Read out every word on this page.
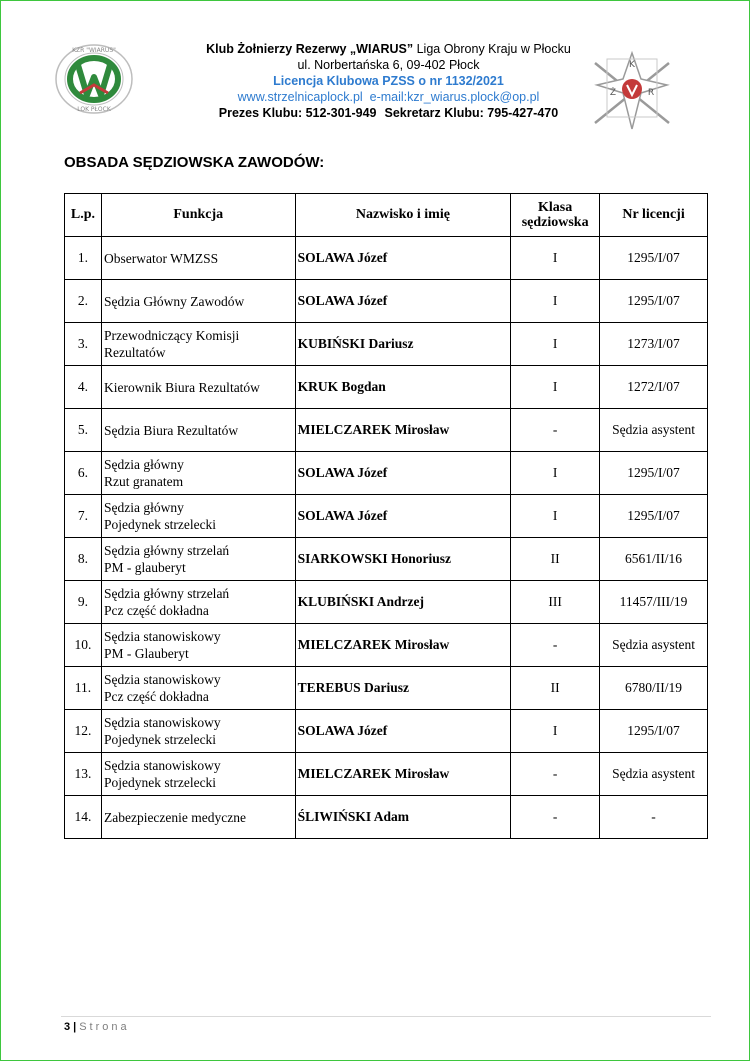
KZR "WIARUS"
LOK PŁOCK
Klub Żołnierzy Rezerwy „WIARUS” Liga Obrony Kraju w Płocku
ul. Norbertańska 6, 09-402 Płock
Licencja Klubowa PZSS o nr 1132/2021
www.strzelnicaplock.pl e-mail:kzr_wiarus.plock@op.pl
Prezes Klubu: 512-301-949 Sekretarz Klubu: 795-427-470
K
Ż	R
OBSADA SĘDZIOWSKA ZAWODÓW:
L.p.	Funkcja	Nazwisko i imię	Klasa
sędziowska	Nr licencji
1.	Obserwator WMZSS	SOLAWA Józef	I	1295/I/07
2.	Sędzia Główny Zawodów	SOLAWA Józef	I	1295/I/07
3.	Przewodniczący Komisji
Rezultatów	KUBIŃSKI Dariusz	I	1273/I/07
4.	Kierownik Biura Rezultatów	KRUK Bogdan	I	1272/I/07
5.	Sędzia Biura Rezultatów	MIELCZAREK Mirosław	-	Sędzia asystent
6.	Sędzia główny
Rzut granatem	SOLAWA Józef	I	1295/I/07
7.	Sędzia główny
Pojedynek strzelecki	SOLAWA Józef	I	1295/I/07
8.	Sędzia główny strzelań
PM - glauberyt	SIARKOWSKI Honoriusz	II	6561/II/16
9.	Sędzia główny strzelań
Pcz część dokładna	KLUBIŃSKI Andrzej	III	11457/III/19
10.	Sędzia stanowiskowy
PM - Glauberyt	MIELCZAREK Mirosław	-	Sędzia asystent
11.	Sędzia stanowiskowy
Pcz część dokładna	TEREBUS Dariusz	II	6780/II/19
12.	Sędzia stanowiskowy
Pojedynek strzelecki	SOLAWA Józef	I	1295/I/07
13.	Sędzia stanowiskowy
Pojedynek strzelecki	MIELCZAREK Mirosław	-	Sędzia asystent
14.	Zabezpieczenie medyczne	ŚLIWIŃSKI Adam	-	-
3 | Strona
